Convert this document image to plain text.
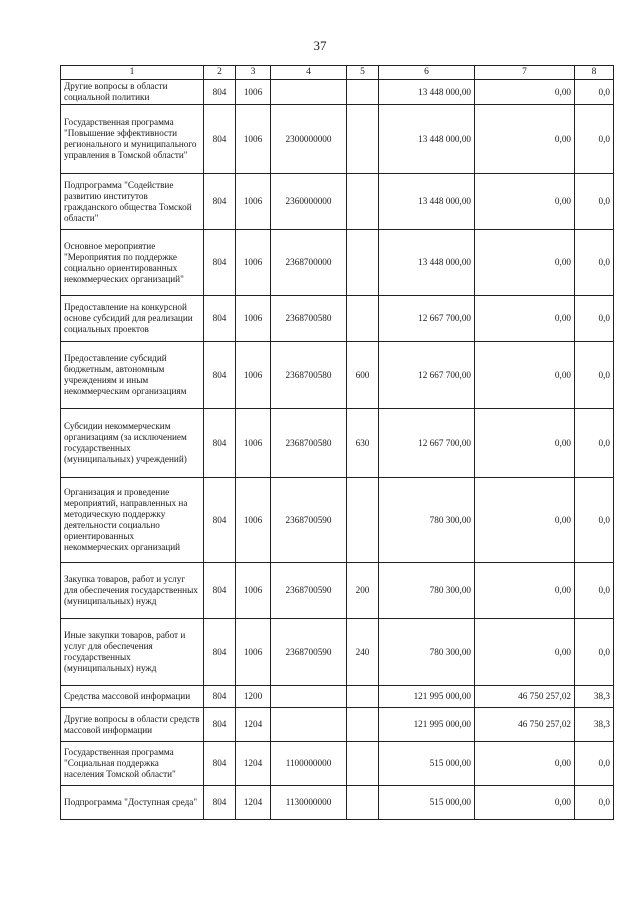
37
1	2	3	4	5	6	7	8
Другие вопросы в области социальной политики	804	1006			13 448 000,00	0,00	0,0
Государственная программа "Повышение эффективности регионального и муниципального управления в Томской области"	804	1006	2300000000		13 448 000,00	0,00	0,0
Подпрограмма "Содействие развитию институтов гражданского общества Томской области"	804	1006	2360000000		13 448 000,00	0,00	0,0
Основное мероприятие "Мероприятия по поддержке социально ориентированных некоммерческих организаций"	804	1006	2368700000		13 448 000,00	0,00	0,0
Предоставление на конкурсной основе субсидий для реализации социальных проектов	804	1006	2368700580		12 667 700,00	0,00	0,0
Предоставление субсидий бюджетным, автономным учреждениям и иным некоммерческим организациям	804	1006	2368700580	600	12 667 700,00	0,00	0,0
Субсидии некоммерческим организациям (за исключением государственных (муниципальных) учреждений)	804	1006	2368700580	630	12 667 700,00	0,00	0,0
Организация и проведение мероприятий, направленных на методическую поддержку деятельности социально ориентированных некоммерческих организаций	804	1006	2368700590		780 300,00	0,00	0,0
Закупка товаров, работ и услуг для обеспечения государственных (муниципальных) нужд	804	1006	2368700590	200	780 300,00	0,00	0,0
Иные закупки товаров, работ и услуг для обеспечения государственных (муниципальных) нужд	804	1006	2368700590	240	780 300,00	0,00	0,0
Средства массовой информации	804	1200			121 995 000,00	46 750 257,02	38,3
Другие вопросы в области средств массовой информации	804	1204			121 995 000,00	46 750 257,02	38,3
Государственная программа "Социальная поддержка населения Томской области"	804	1204	1100000000		515 000,00	0,00	0,0
Подпрограмма "Доступная среда"	804	1204	1130000000		515 000,00	0,00	0,0
